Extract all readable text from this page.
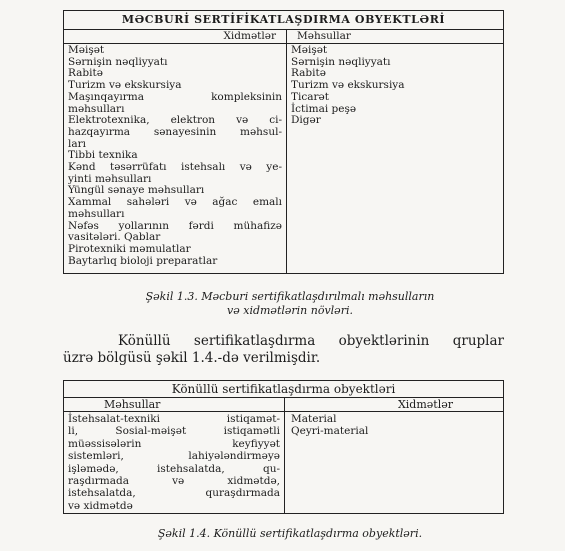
MƏCBURİ SERTİFİKATLAŞDIRMA OBYEKTLƏRİ
Xidmətlər	Məhsullar
Məişət
Sərnişin nəqliyyatı
Rabitə
Turizm və ekskursiya
Maşınqayırma kompleksinin
məhsulları
Elektrotexnika, elektron və ci-
hazqayırma sənayesinin məhsul-
ları
Tibbi texnika
Kənd təsərrüfatı istehsalı və ye-
yinti məhsulları
Yüngül sənaye məhsulları
Xammal sahələri və ağac emalı
məhsulları
Nəfəs yollarının fərdi mühafizə
vasitələri. Qablar
Pirotexniki məmulatlar
Baytarlıq bioloji preparatlar
Məişət
Sərnişin nəqliyyatı
Rabitə
Turizm və ekskursiya
Ticarət
İctimai peşə
Digər
Şəkil 1.3. Məcburi sertifikatlaşdırılmalı məhsulların
və xidmətlərin növləri.
Könüllü sertifikatlaşdırma obyektlərinin qruplar
üzrə bölgüsü şəkil 1.4.-də verilmişdir.
Könüllü sertifikatlaşdırma obyektləri
Məhsullar	Xidmətlər
İstehsalat-texniki istiqamət-
li, Sosial-məişət istiqamətli
müəssisələrin keyfiyyət
sistemləri, lahiyələndirməyə
işləmədə, istehsalatda, qu-
raşdırmada və xidmətdə,
istehsalatda, quraşdırmada
və xidmətdə
Material
Qeyri-material
Şəkil 1.4. Könüllü sertifikatlaşdırma obyektləri.
